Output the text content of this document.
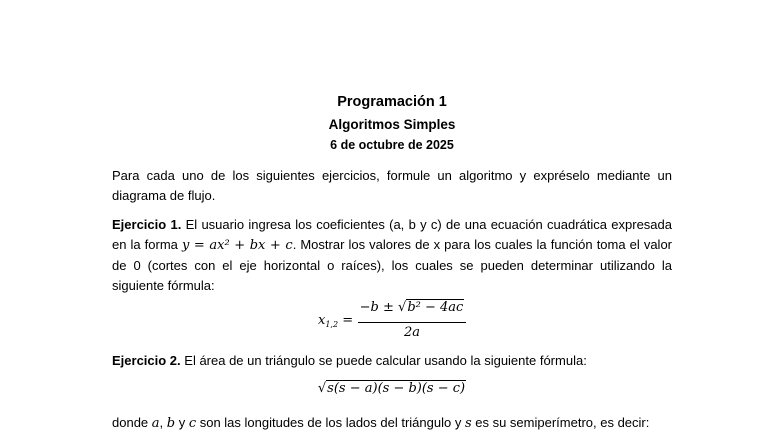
Programación 1
Algoritmos Simples
6 de octubre de 2025
Para cada uno de los siguientes ejercicios, formule un algoritmo y expréselo mediante un diagrama de flujo.
Ejercicio 1. El usuario ingresa los coeficientes (a, b y c) de una ecuación cuadrática expresada en la forma y = ax² + bx + c. Mostrar los valores de x para los cuales la función toma el valor de 0 (cortes con el eje horizontal o raíces), los cuales se pueden determinar utilizando la siguiente fórmula:
$x_{1,2}$ =
−b ± √b² − 4ac
2a
Ejercicio 2. El área de un triángulo se puede calcular usando la siguiente fórmula:
√s(s − a)(s − b)(s − c)
donde a, b y c son las longitudes de los lados del triángulo y s es su semiperímetro, es decir:
